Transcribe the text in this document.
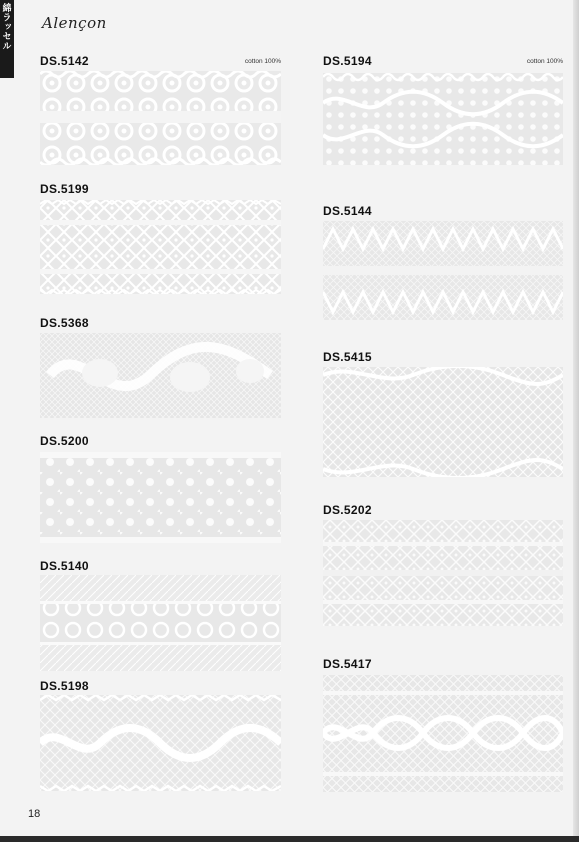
綿ラッセル Alençon
DS.5142	cotton 100%
DS.5199
DS.5368
DS.5200
DS.5140
DS.5198
DS.5194	cotton 100%
DS.5144
DS.5415
DS.5202
DS.5417
18
